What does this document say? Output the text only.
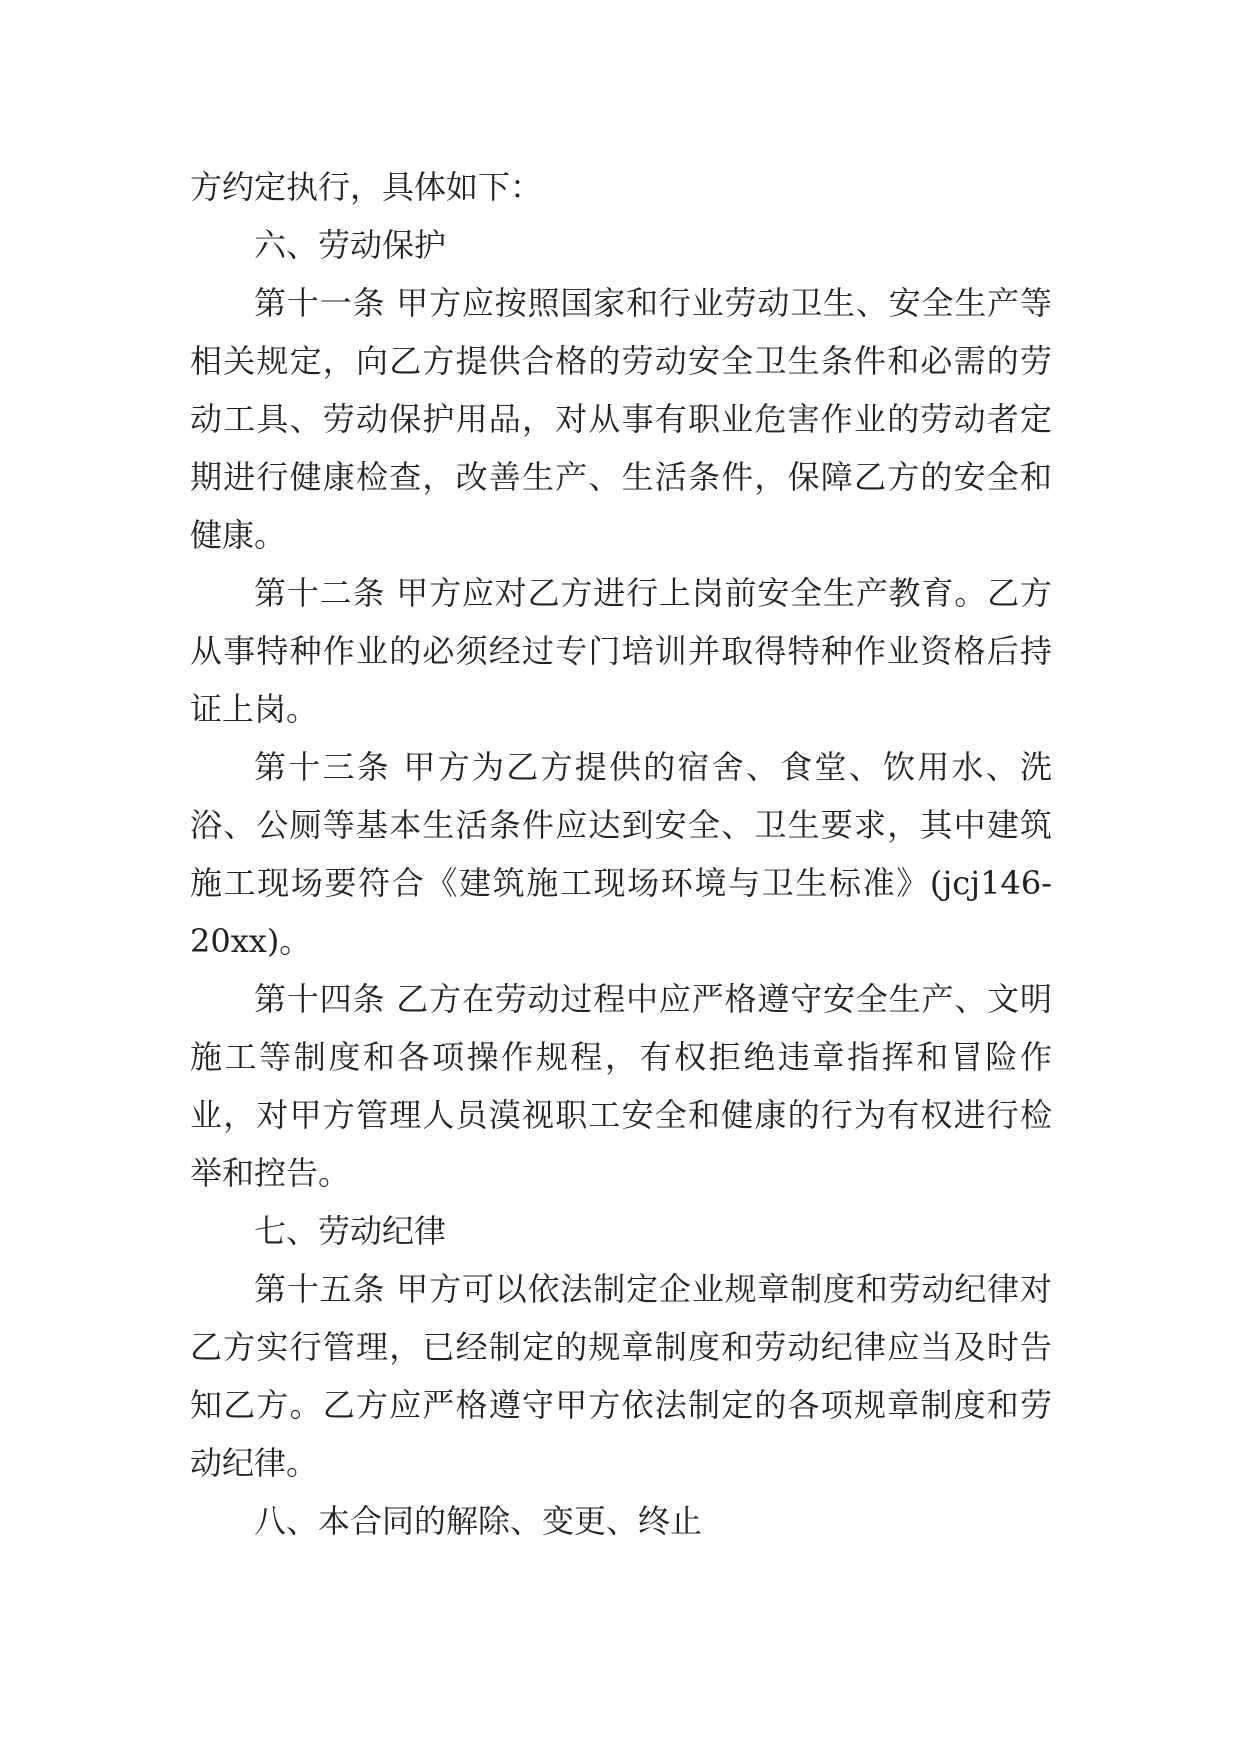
方约定执行，具体如下：

六、劳动保护

第十一条 甲方应按照国家和行业劳动卫生、安全生产等相关规定，向乙方提供合格的劳动安全卫生条件和必需的劳动工具、劳动保护用品，对从事有职业危害作业的劳动者定期进行健康检查，改善生产、生活条件，保障乙方的安全和健康。

第十二条 甲方应对乙方进行上岗前安全生产教育。乙方从事特种作业的必须经过专门培训并取得特种作业资格后持证上岗。

第十三条 甲方为乙方提供的宿舍、食堂、饮用水、洗浴、公厕等基本生活条件应达到安全、卫生要求，其中建筑施工现场要符合《建筑施工现场环境与卫生标准》(jcj146-20xx)。

第十四条 乙方在劳动过程中应严格遵守安全生产、文明施工等制度和各项操作规程，有权拒绝违章指挥和冒险作业，对甲方管理人员漠视职工安全和健康的行为有权进行检举和控告。

七、劳动纪律

第十五条 甲方可以依法制定企业规章制度和劳动纪律对乙方实行管理，已经制定的规章制度和劳动纪律应当及时告知乙方。乙方应严格遵守甲方依法制定的各项规章制度和劳动纪律。

八、本合同的解除、变更、终止
